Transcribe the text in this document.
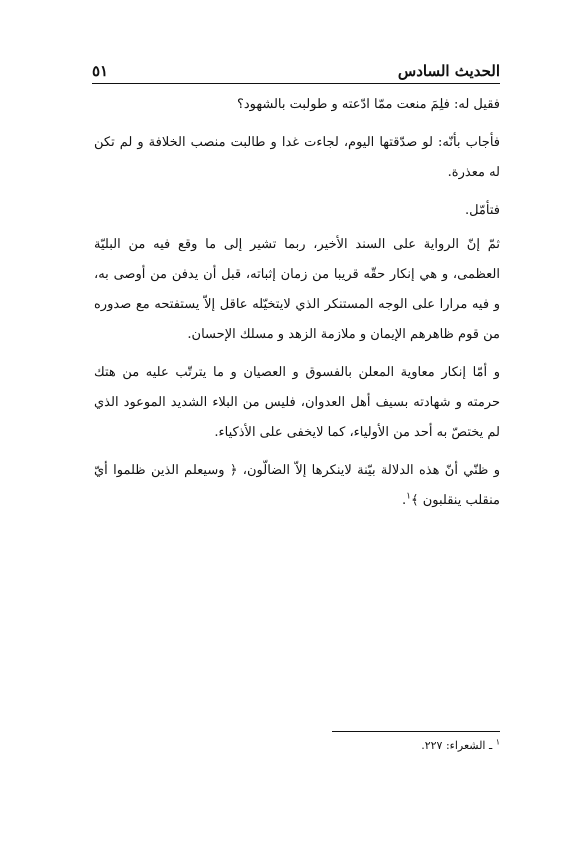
الحديث السادس
٥١

فقيل له: فلِمَ منعت ممّا ادّعته و طولبت بالشهود؟

فأجاب بأنّه: لو صدّقتها اليوم، لجاءت غدا و طالبت منصب الخلافة و لم تكن له معذرة.

فتأمّل.

ثمّ إنّ الرواية على السند الأخير، ربما تشير إلى ما وقع فيه من البليّة العظمى، و هي إنكار حقّه قريبا من زمان إثباته، قبل أن يدفن من أوصى به، و فيه مرارا على الوجه المستنكر الذي لايتخيّله عاقل إلاّ يستفتحه مع صدوره من قوم ظاهرهم الإيمان و ملازمة الزهد و مسلك الإحسان.

و أمّا إنكار معاوية المعلن بالفسوق و العصيان و ما يترتّب عليه من هتك حرمته و شهادته بسيف أهل العدوان، فليس من البلاء الشديد الموعود الذي لم يختصّ به أحد من الأولياء، كما لايخفى على الأذكياء.

و ظنّي أنّ هذه الدلالة بيّنة لاينكرها إلاّ الضالّون، ﴿ وسيعلم الذين ظلموا أيّ منقلب ينقلبون ﴾$^١$.

$^١$ ـ الشعراء: ٢٢٧.
